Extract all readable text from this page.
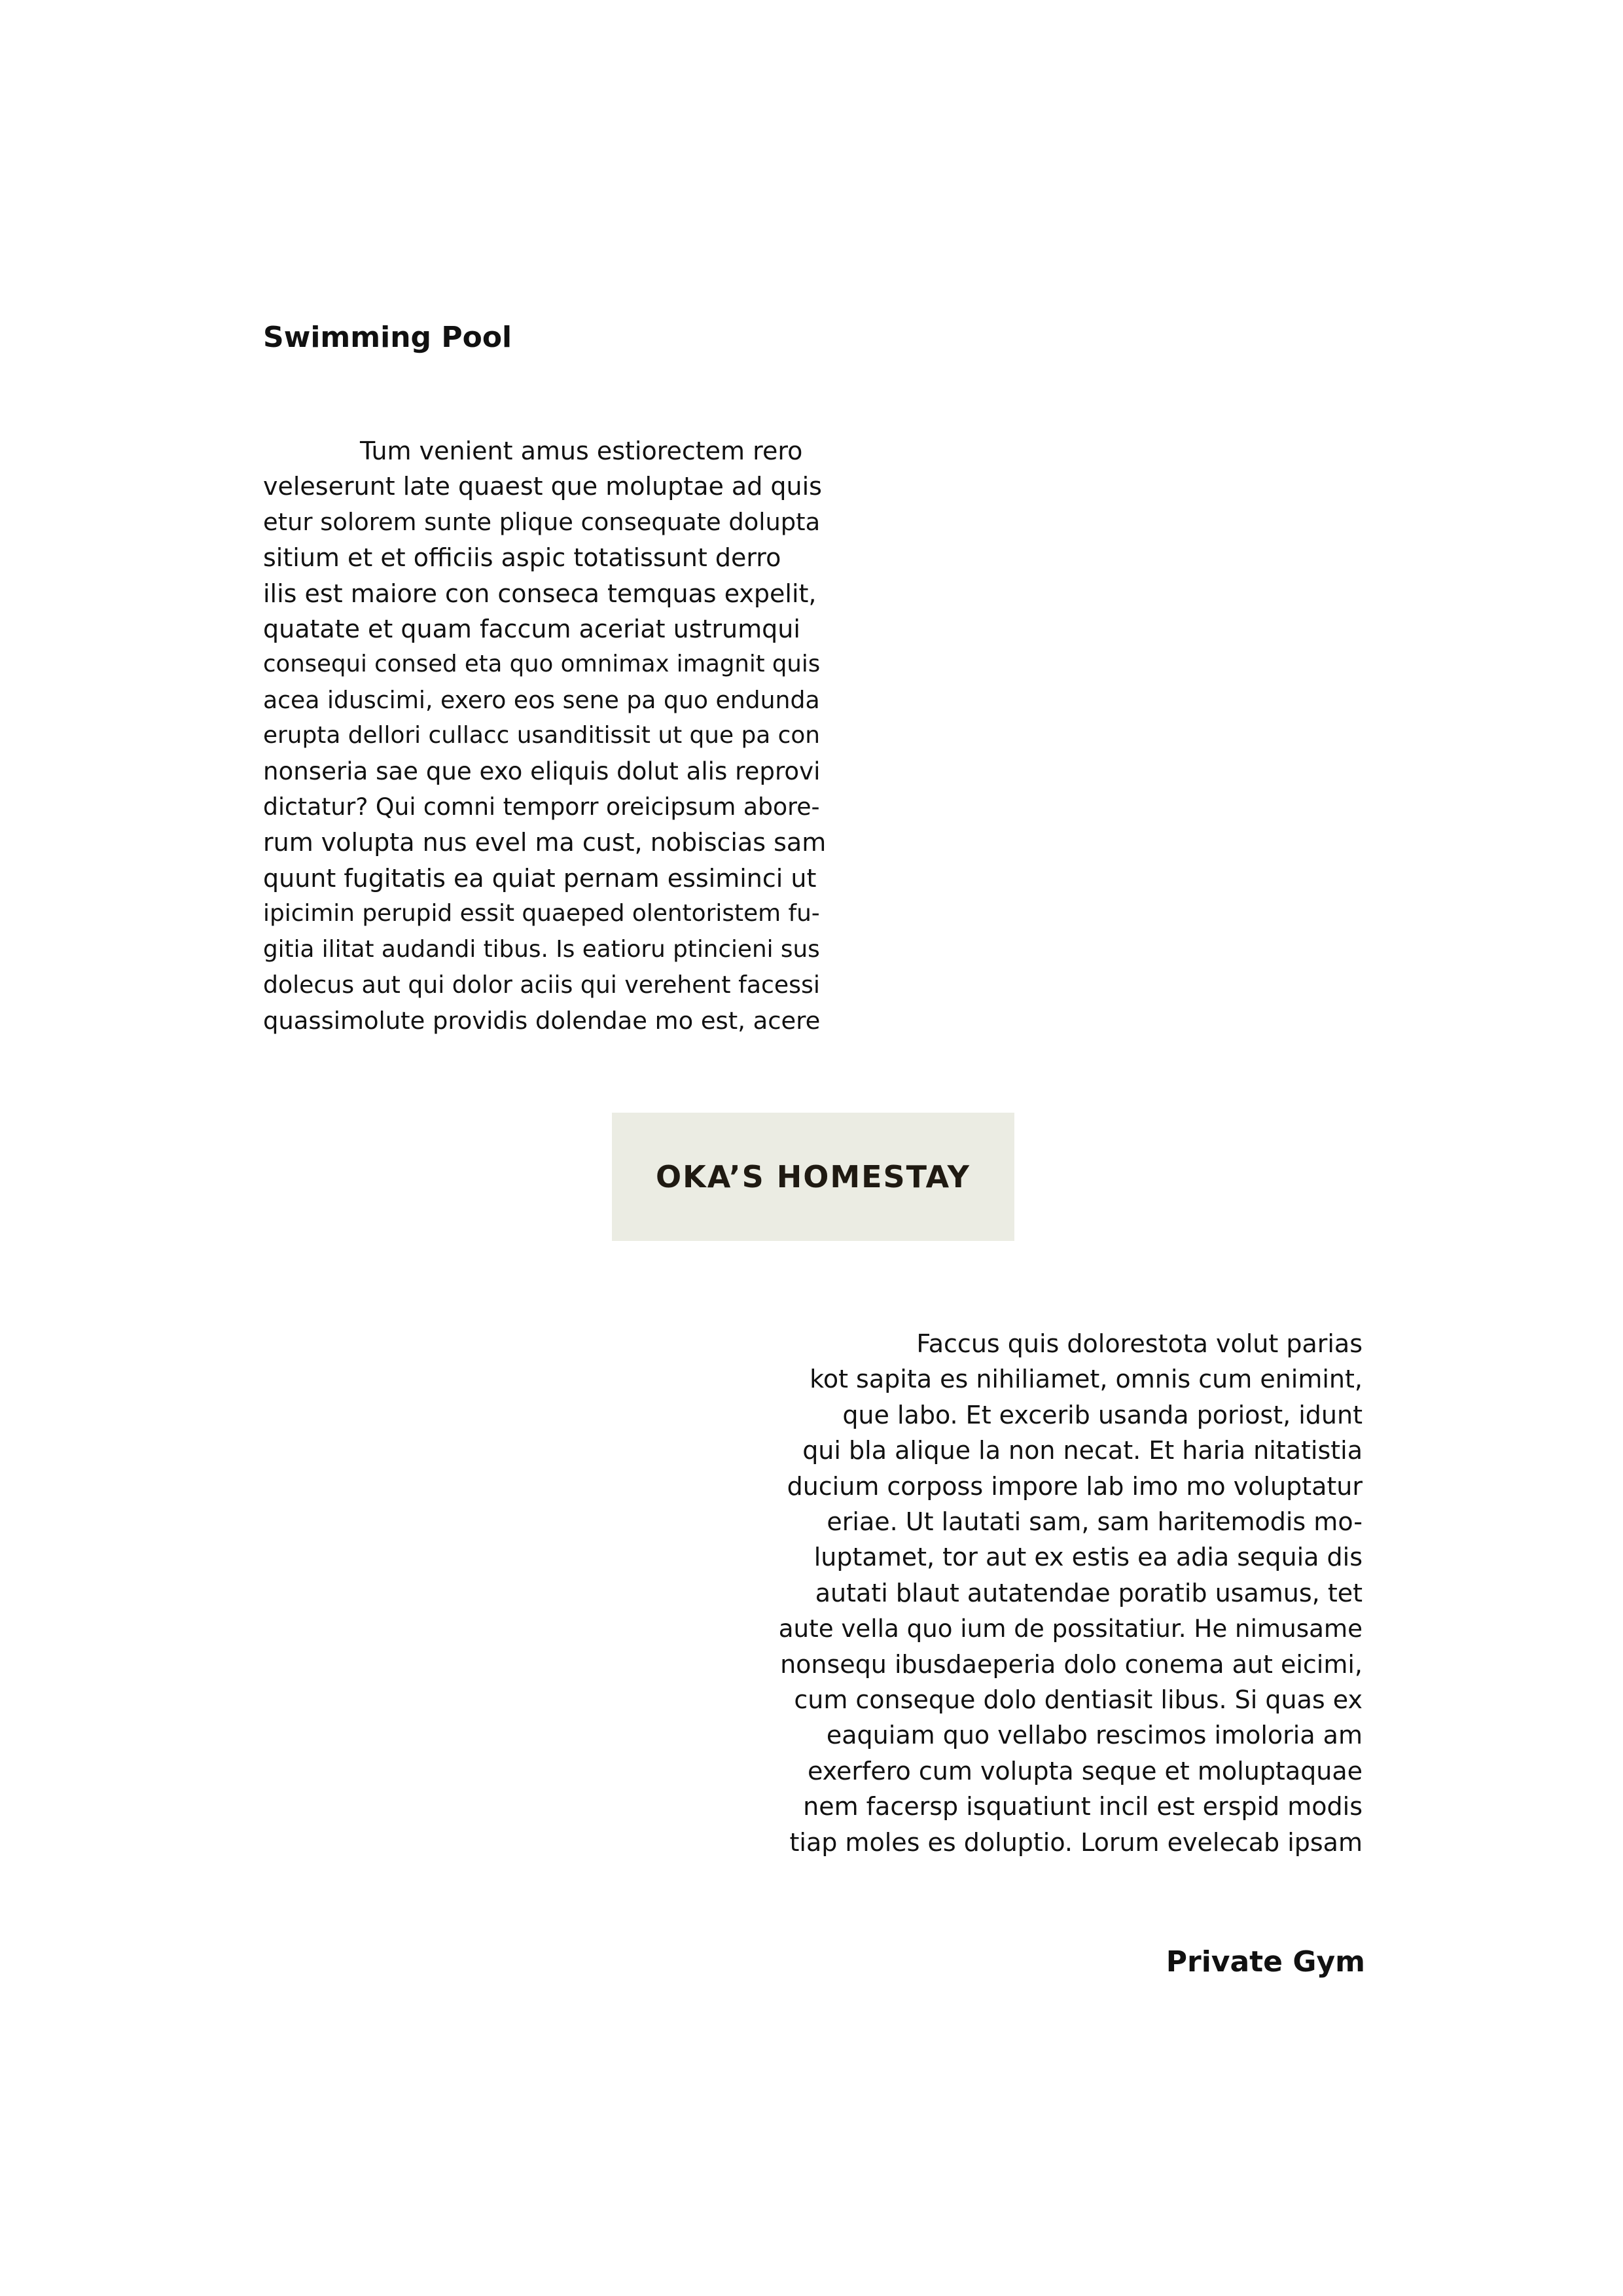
Swimming Pool
Tum venient amus estiorectem rero
veleserunt late quaest que moluptae ad quis
etur solorem sunte plique consequate dolupta
sitium et et officiis aspic totatissunt derro
ilis est maiore con conseca temquas expelit,
quatate et quam faccum aceriat ustrumqui
consequi consed eta quo omnimax imagnit quis
acea iduscimi, exero eos sene pa quo endunda
erupta dellori cullacc usanditissit ut que pa con
nonseria sae que exo eliquis dolut alis reprovi
dictatur? Qui comni temporr oreicipsum abore-
rum volupta nus evel ma cust, nobiscias sam
quunt fugitatis ea quiat pernam essiminci ut
ipicimin perupid essit quaeped olentoristem fu-
gitia ilitat audandi tibus. Is eatioru ptincieni sus
dolecus aut qui dolor aciis qui verehent facessi
quassimolute providis dolendae mo est, acere
OKA’S HOMESTAY
Faccus quis dolorestota volut parias
kot sapita es nihiliamet, omnis cum enimint,
que labo. Et excerib usanda poriost, idunt
qui bla alique la non necat. Et haria nitatistia
ducium corposs impore lab imo mo voluptatur
eriae. Ut lautati sam, sam haritemodis mo-
luptamet, tor aut ex estis ea adia sequia dis
autati blaut autatendae poratib usamus, tet
aute vella quo ium de possitatiur. He nimusame
nonsequ ibusdaeperia dolo conema aut eicimi,
cum conseque dolo dentiasit libus. Si quas ex
eaquiam quo vellabo rescimos imoloria am
exerfero cum volupta seque et moluptaquae
nem facersp isquatiunt incil est erspid modis
tiap moles es doluptio. Lorum evelecab ipsam
Private Gym
